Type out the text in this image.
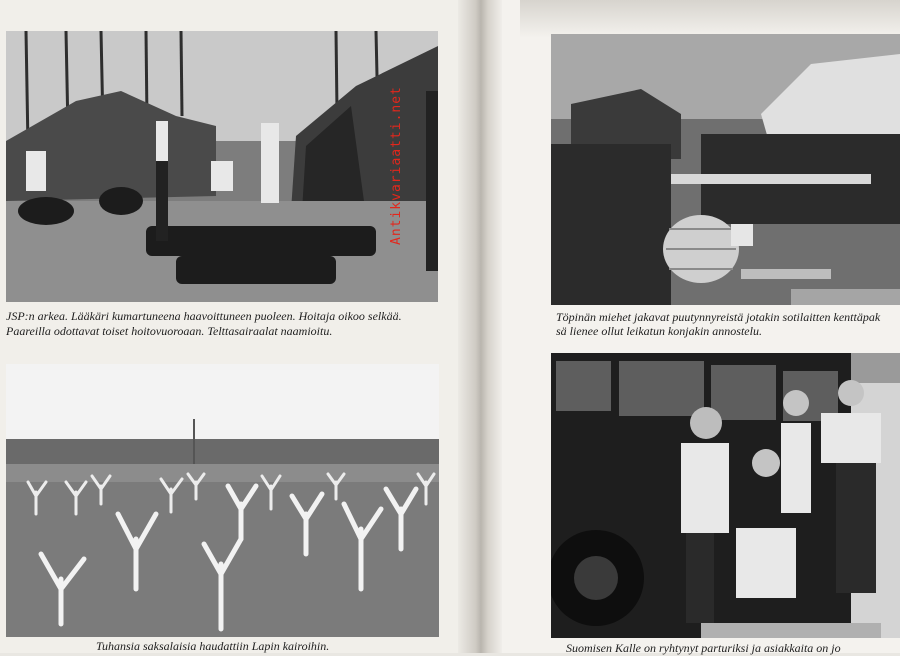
JSP:n arkea. Lääkäri kumartuneena haavoittuneen puoleen. Hoitaja oikoo selkää.
Paareilla odottavat toiset hoitovuoroaan. Telttasairaalat naamioitu.
Tuhansia saksalaisia haudattiin Lapin kairoihin.
Töpinän miehet jakavat puutynnyreistä jotakin sotilaitten kenttäpak
sä lienee ollut leikatun konjakin annostelu.
Suomisen Kalle on ryhtynyt parturiksi ja asiakkaita on jo
Antikvariaatti.net
